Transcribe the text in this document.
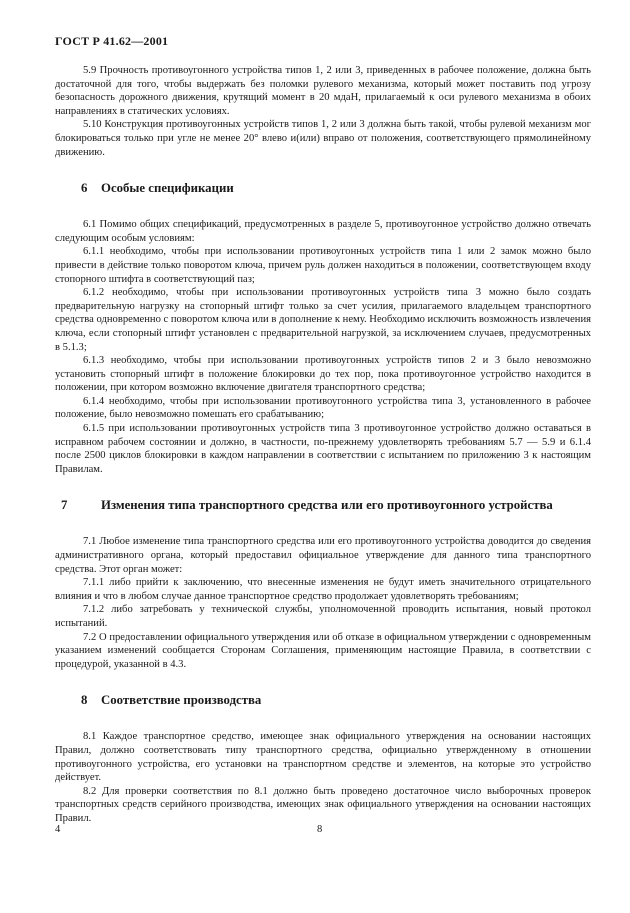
ГОСТ Р 41.62—2001

5.9 Прочность противоугонного устройства типов 1, 2 или 3, приведенных в рабочее положение, должна быть достаточной для того, чтобы выдержать без поломки рулевого механизма, который может поставить под угрозу безопасность дорожного движения, крутящий момент в 20 мдаН, прилагаемый к оси рулевого механизма в обоих направлениях в статических условиях.

5.10 Конструкция противоугонных устройств типов 1, 2 или 3 должна быть такой, чтобы рулевой механизм мог блокироваться только при угле не менее 20° влево и(или) вправо от положения, соответствующего прямолинейному движению.

6 Особые спецификации

6.1 Помимо общих спецификаций, предусмотренных в разделе 5, противоугонное устройство должно отвечать следующим особым условиям:

6.1.1 необходимо, чтобы при использовании противоугонных устройств типа 1 или 2 замок можно было привести в действие только поворотом ключа, причем руль должен находиться в положении, соответствующем входу стопорного штифта в соответствующий паз;

6.1.2 необходимо, чтобы при использовании противоугонных устройств типа 3 можно было создать предварительную нагрузку на стопорный штифт только за счет усилия, прилагаемого владельцем транспортного средства одновременно с поворотом ключа или в дополнение к нему. Необходимо исключить возможность извлечения ключа, если стопорный штифт установлен с предварительной нагрузкой, за исключением случаев, предусмотренных в 5.1.3;

6.1.3 необходимо, чтобы при использовании противоугонных устройств типов 2 и 3 было невозможно установить стопорный штифт в положение блокировки до тех пор, пока противоугонное устройство находится в положении, при котором возможно включение двигателя транспортного средства;

6.1.4 необходимо, чтобы при использовании противоугонного устройства типа 3, установленного в рабочее положение, было невозможно помешать его срабатыванию;

6.1.5 при использовании противоугонных устройств типа 3 противоугонное устройство должно оставаться в исправном рабочем состоянии и должно, в частности, по-прежнему удовлетворять требованиям 5.7 — 5.9 и 6.1.4 после 2500 циклов блокировки в каждом направлении в соответствии с испытанием по приложению 3 к настоящим Правилам.

7	Изменения типа транспортного средства или его противоугонного устройства

7.1 Любое изменение типа транспортного средства или его противоугонного устройства доводится до сведения административного органа, который предоставил официальное утверждение для данного типа транспортного средства. Этот орган может:

7.1.1 либо прийти к заключению, что внесенные изменения не будут иметь значительного отрицательного влияния и что в любом случае данное транспортное средство продолжает удовлетворять требованиям;

7.1.2 либо затребовать у технической службы, уполномоченной проводить испытания, новый протокол испытаний.

7.2 О предоставлении официального утверждения или об отказе в официальном утверждении с одновременным указанием изменений сообщается Сторонам Соглашения, применяющим настоящие Правила, в соответствии с процедурой, указанной в 4.3.

8 Соответствие производства

8.1 Каждое транспортное средство, имеющее знак официального утверждения на основании настоящих Правил, должно соответствовать типу транспортного средства, официально утвержденному в отношении противоугонного устройства, его установки на транспортном средстве и элементов, на которые это устройство действует.

8.2 Для проверки соответствия по 8.1 должно быть проведено достаточное число выборочных проверок транспортных средств серийного производства, имеющих знак официального утверждения на основании настоящих Правил.

4	8
